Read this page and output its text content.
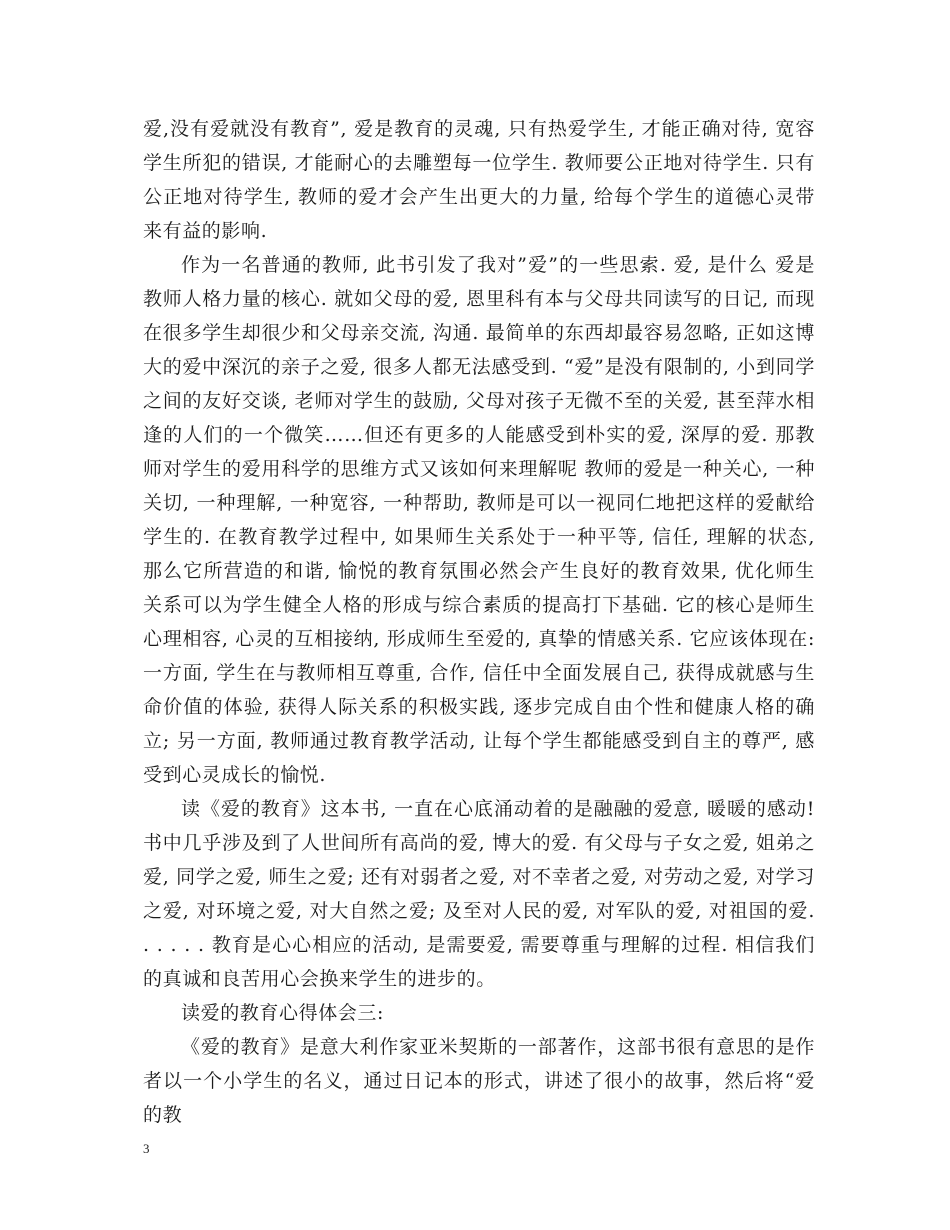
爱,没有爱就没有教育”, 爱是教育的灵魂, 只有热爱学生, 才能正确对待, 宽容学生所犯的错误, 才能耐心的去雕塑每一位学生. 教师要公正地对待学生. 只有公正地对待学生, 教师的爱才会产生出更大的力量, 给每个学生的道德心灵带来有益的影响.

作为一名普通的教师, 此书引发了我对”爱”的一些思索. 爱, 是什么 爱是教师人格力量的核心. 就如父母的爱, 恩里科有本与父母共同读写的日记, 而现在很多学生却很少和父母亲交流, 沟通. 最简单的东西却最容易忽略, 正如这博大的爱中深沉的亲子之爱, 很多人都无法感受到. “爱”是没有限制的, 小到同学之间的友好交谈, 老师对学生的鼓励, 父母对孩子无微不至的关爱, 甚至萍水相逢的人们的一个微笑……但还有更多的人能感受到朴实的爱, 深厚的爱. 那教师对学生的爱用科学的思维方式又该如何来理解呢 教师的爱是一种关心, 一种关切, 一种理解, 一种宽容, 一种帮助, 教师是可以一视同仁地把这样的爱献给学生的. 在教育教学过程中, 如果师生关系处于一种平等, 信任, 理解的状态, 那么它所营造的和谐, 愉悦的教育氛围必然会产生良好的教育效果, 优化师生关系可以为学生健全人格的形成与综合素质的提高打下基础. 它的核心是师生心理相容, 心灵的互相接纳, 形成师生至爱的, 真挚的情感关系. 它应该体现在: 一方面, 学生在与教师相互尊重, 合作, 信任中全面发展自己, 获得成就感与生命价值的体验, 获得人际关系的积极实践, 逐步完成自由个性和健康人格的确立; 另一方面, 教师通过教育教学活动, 让每个学生都能感受到自主的尊严, 感受到心灵成长的愉悦.

读《爱的教育》这本书, 一直在心底涌动着的是融融的爱意, 暖暖的感动! 书中几乎涉及到了人世间所有高尚的爱, 博大的爱. 有父母与子女之爱, 姐弟之爱, 同学之爱, 师生之爱; 还有对弱者之爱, 对不幸者之爱, 对劳动之爱, 对学习之爱, 对环境之爱, 对大自然之爱; 及至对人民的爱, 对军队的爱, 对祖国的爱. . . . . . 教育是心心相应的活动, 是需要爱, 需要尊重与理解的过程. 相信我们的真诚和良苦用心会换来学生的进步的。

读爱的教育心得体会三:

《爱的教育》是意大利作家亚米契斯的一部著作，这部书很有意思的是作者以一个小学生的名义，通过日记本的形式，讲述了很小的故事，然后将“爱的教

3
